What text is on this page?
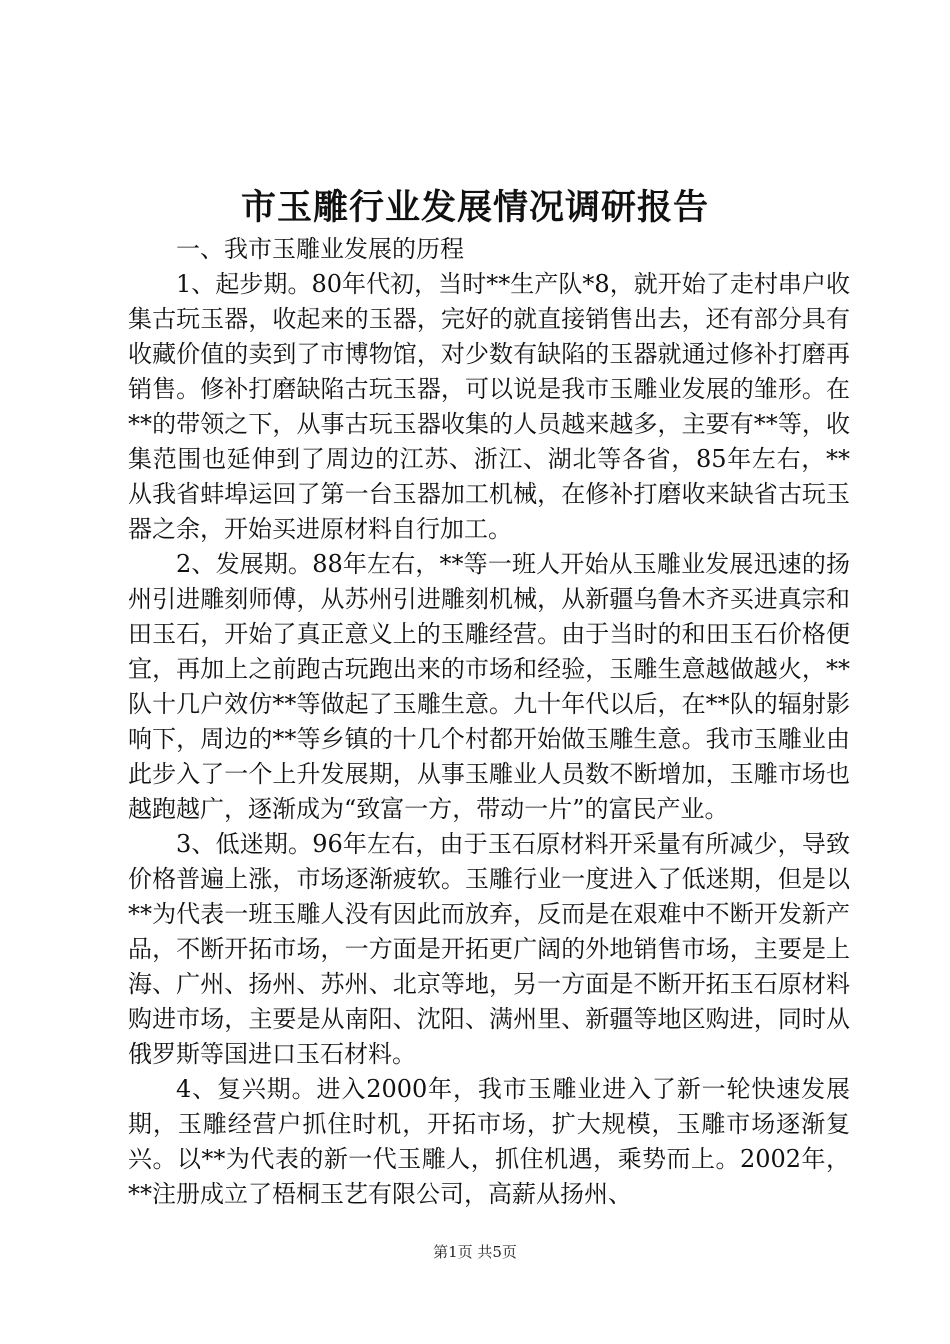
市玉雕行业发展情况调研报告

一、我市玉雕业发展的历程

1、起步期。80年代初，当时**生产队*8，就开始了走村串户收集古玩玉器，收起来的玉器，完好的就直接销售出去，还有部分具有收藏价值的卖到了市博物馆，对少数有缺陷的玉器就通过修补打磨再销售。修补打磨缺陷古玩玉器，可以说是我市玉雕业发展的雏形。在**的带领之下，从事古玩玉器收集的人员越来越多，主要有**等，收集范围也延伸到了周边的江苏、浙江、湖北等各省，85年左右，**从我省蚌埠运回了第一台玉器加工机械，在修补打磨收来缺省古玩玉器之余，开始买进原材料自行加工。

2、发展期。88年左右，**等一班人开始从玉雕业发展迅速的扬州引进雕刻师傅，从苏州引进雕刻机械，从新疆乌鲁木齐买进真宗和田玉石，开始了真正意义上的玉雕经营。由于当时的和田玉石价格便宜，再加上之前跑古玩跑出来的市场和经验，玉雕生意越做越火，**队十几户效仿**等做起了玉雕生意。九十年代以后，在**队的辐射影响下，周边的**等乡镇的十几个村都开始做玉雕生意。我市玉雕业由此步入了一个上升发展期，从事玉雕业人员数不断增加，玉雕市场也越跑越广，逐渐成为“致富一方，带动一片”的富民产业。

3、低迷期。96年左右，由于玉石原材料开采量有所减少，导致价格普遍上涨，市场逐渐疲软。玉雕行业一度进入了低迷期，但是以**为代表一班玉雕人没有因此而放弃，反而是在艰难中不断开发新产品，不断开拓市场，一方面是开拓更广阔的外地销售市场，主要是上海、广州、扬州、苏州、北京等地，另一方面是不断开拓玉石原材料购进市场，主要是从南阳、沈阳、满州里、新疆等地区购进，同时从俄罗斯等国进口玉石材料。

4、复兴期。进入2000年，我市玉雕业进入了新一轮快速发展期，玉雕经营户抓住时机，开拓市场，扩大规模，玉雕市场逐渐复兴。以**为代表的新一代玉雕人，抓住机遇，乘势而上。2002年，**注册成立了梧桐玉艺有限公司，高薪从扬州、

第1页 共5页
